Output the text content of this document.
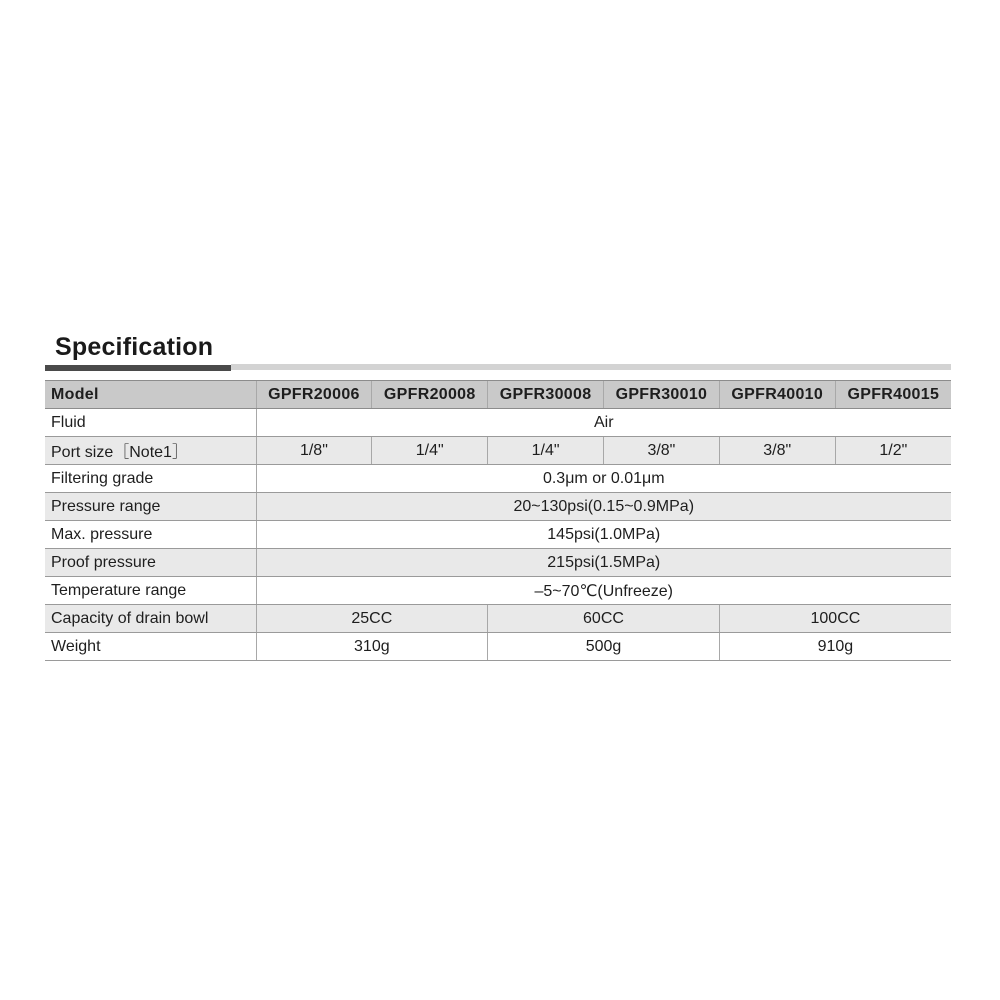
Specification
Model	GPFR20006	GPFR20008	GPFR30008	GPFR30010	GPFR40010	GPFR40015
Fluid	Air					
Port size［Note1］	1/8"	1/4"	1/4"	3/8"	3/8"	1/2"
Filtering grade	0.3μm or 0.01μm					
Pressure range	20~130psi(0.15~0.9MPa)					
Max. pressure	145psi(1.0MPa)					
Proof pressure	215psi(1.5MPa)					
Temperature range	–5~70℃(Unfreeze)					
Capacity of drain bowl	25CC		60CC		100CC	
Weight	310g		500g		910g	
